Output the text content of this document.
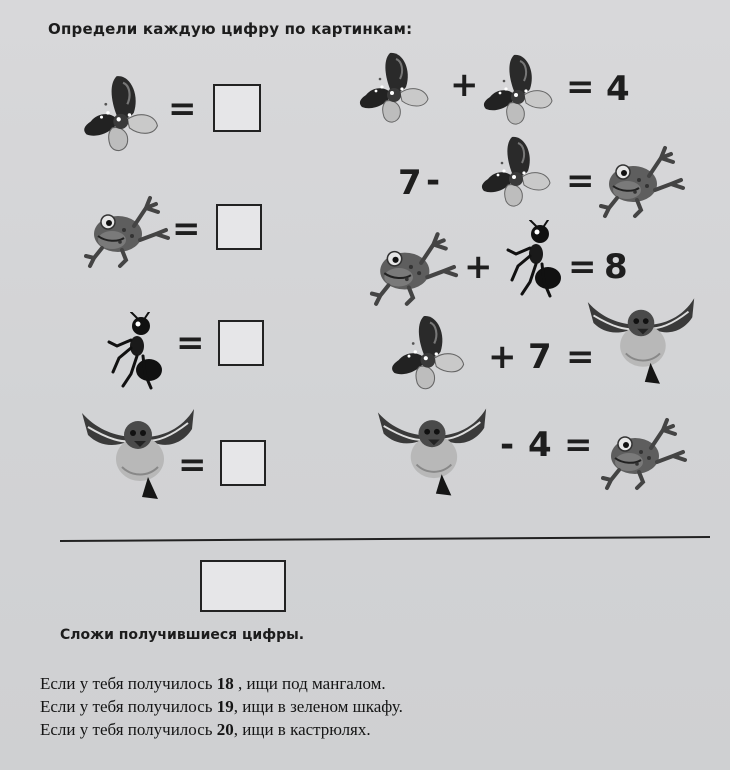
Определи каждую цифру по картинкам:
=
=
=
=
+	= 4
7 -	=
+ = 8
+ 7 =
- 4 =
Сложи получившиеся цифры.
Если у тебя получилось 18 , ищи под мангалом.
Если у тебя получилось 19, ищи в зеленом шкафу.
Если у тебя получилось 20, ищи в кастрюлях.
